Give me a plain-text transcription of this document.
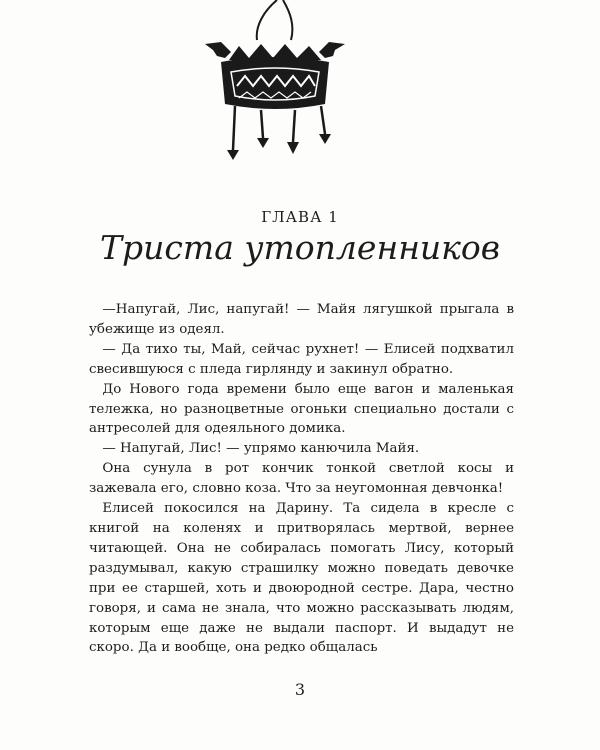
ГЛАВА 1
Триста утопленников

 —Напугай, Лис, напугай! — Майя лягушкой прыгала в убежище из одеял.

 — Да тихо ты, Май, сейчас рухнет! — Елисей подхватил свесившуюся с пледа гирлянду и закинул обратно.

 До Нового года времени было еще вагон и маленькая тележка, но разноцветные огоньки специально достали с антресолей для одеяльного домика.

 — Напугай, Лис! — упрямо канючила Майя.

 Она сунула в рот кончик тонкой светлой косы и зажевала его, словно коза. Что за неугомонная девчонка!

 Елисей покосился на Дарину. Та сидела в кресле с книгой на коленях и притворялась мертвой, вернее читающей. Она не собиралась помогать Лису, который раздумывал, какую страшилку можно поведать девочке при ее старшей, хоть и двоюродной сестре. Дара, честно говоря, и сама не знала, что можно рассказывать людям, которым еще даже не выдали паспорт. И выдадут не скоро. Да и вообще, она редко общалась

3
